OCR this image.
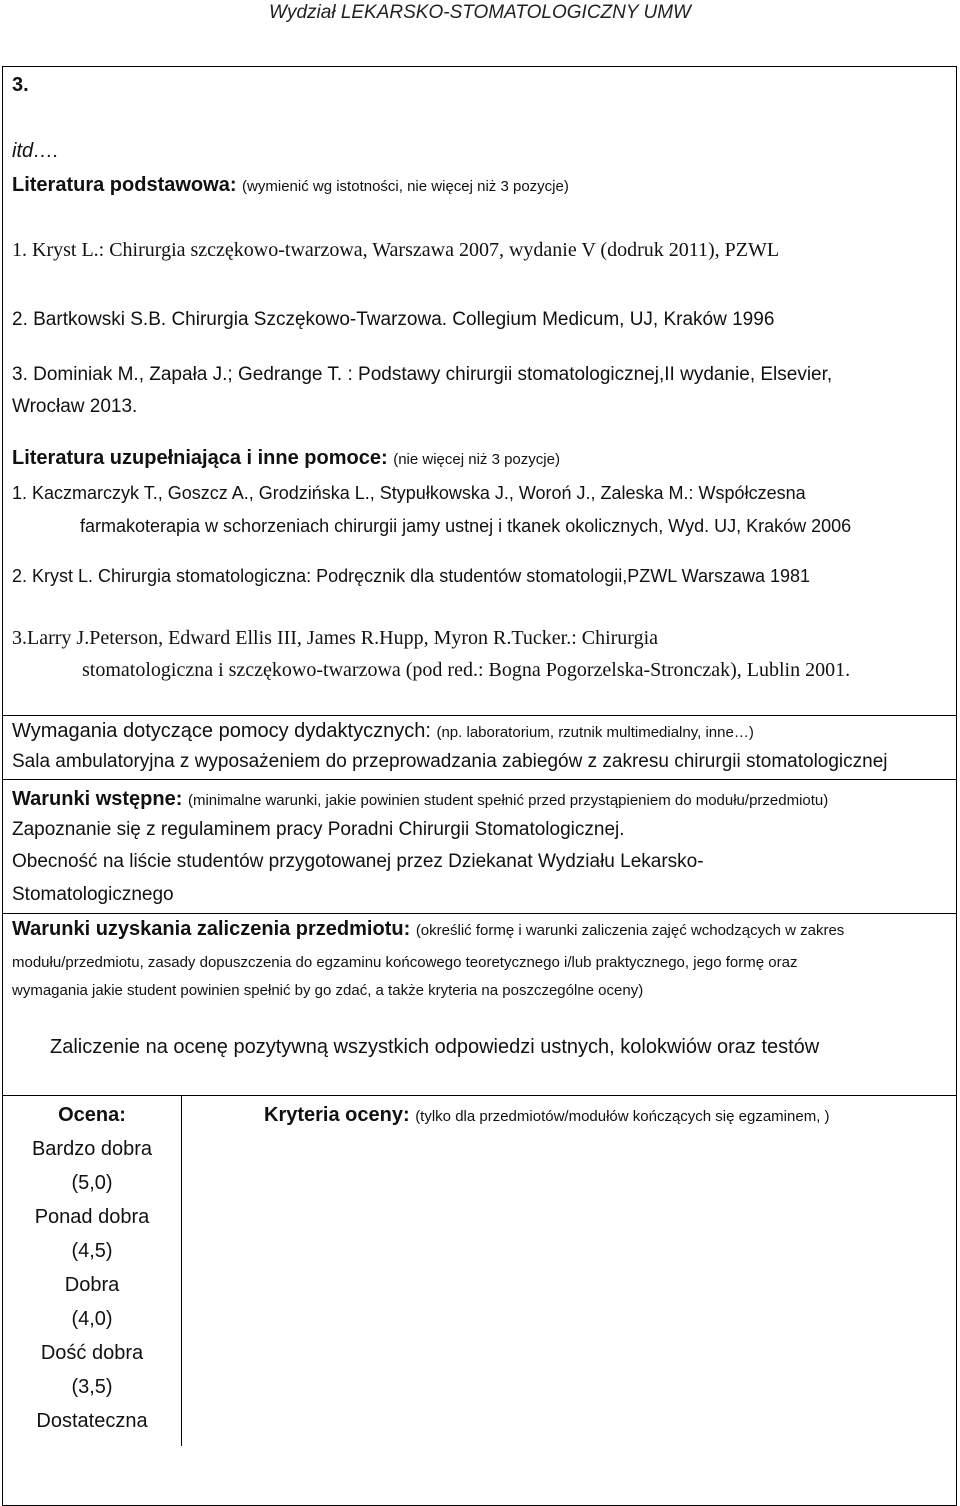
Wydział LEKARSKO-STOMATOLOGICZNY UMW
3.
itd….
Literatura podstawowa: (wymienić wg istotności, nie więcej niż 3 pozycje)
1. Kryst L.: Chirurgia szczękowo-twarzowa, Warszawa 2007, wydanie V (dodruk 2011), PZWL
2. Bartkowski S.B. Chirurgia Szczękowo-Twarzowa. Collegium Medicum, UJ, Kraków 1996
3. Dominiak M., Zapała J.; Gedrange T. : Podstawy chirurgii stomatologicznej,II wydanie, Elsevier,
Wrocław 2013.
Literatura uzupełniająca i inne pomoce: (nie więcej niż 3 pozycje)
1. Kaczmarczyk T., Goszcz A., Grodzińska L., Stypułkowska J., Woroń J., Zaleska M.: Współczesna
farmakoterapia w schorzeniach chirurgii jamy ustnej i tkanek okolicznych, Wyd. UJ, Kraków 2006
2. Kryst L. Chirurgia stomatologiczna: Podręcznik dla studentów stomatologii,PZWL Warszawa 1981
3.Larry J.Peterson, Edward Ellis III, James R.Hupp, Myron R.Tucker.: Chirurgia
stomatologiczna i szczękowo-twarzowa (pod red.: Bogna Pogorzelska-Stronczak), Lublin 2001.
Wymagania dotyczące pomocy dydaktycznych: (np. laboratorium, rzutnik multimedialny, inne…)
Sala ambulatoryjna z wyposażeniem do przeprowadzania zabiegów z zakresu chirurgii stomatologicznej
Warunki wstępne: (minimalne warunki, jakie powinien student spełnić przed przystąpieniem do modułu/przedmiotu)
Zapoznanie się z regulaminem pracy Poradni Chirurgii Stomatologicznej.
Obecność na liście studentów przygotowanej przez Dziekanat Wydziału Lekarsko-
Stomatologicznego
Warunki uzyskania zaliczenia przedmiotu: (określić formę i warunki zaliczenia zajęć wchodzących w zakres
modułu/przedmiotu, zasady dopuszczenia do egzaminu końcowego teoretycznego i/lub praktycznego, jego formę oraz
wymagania jakie student powinien spełnić by go zdać, a także kryteria na poszczególne oceny)
Zaliczenie na ocenę pozytywną wszystkich odpowiedzi ustnych, kolokwiów oraz testów
Ocena:
Bardzo dobra
(5,0)
Ponad dobra
(4,5)
Dobra
(4,0)
Dość dobra
(3,5)
Dostateczna
Kryteria oceny: (tylko dla przedmiotów/modułów kończących się egzaminem, )
